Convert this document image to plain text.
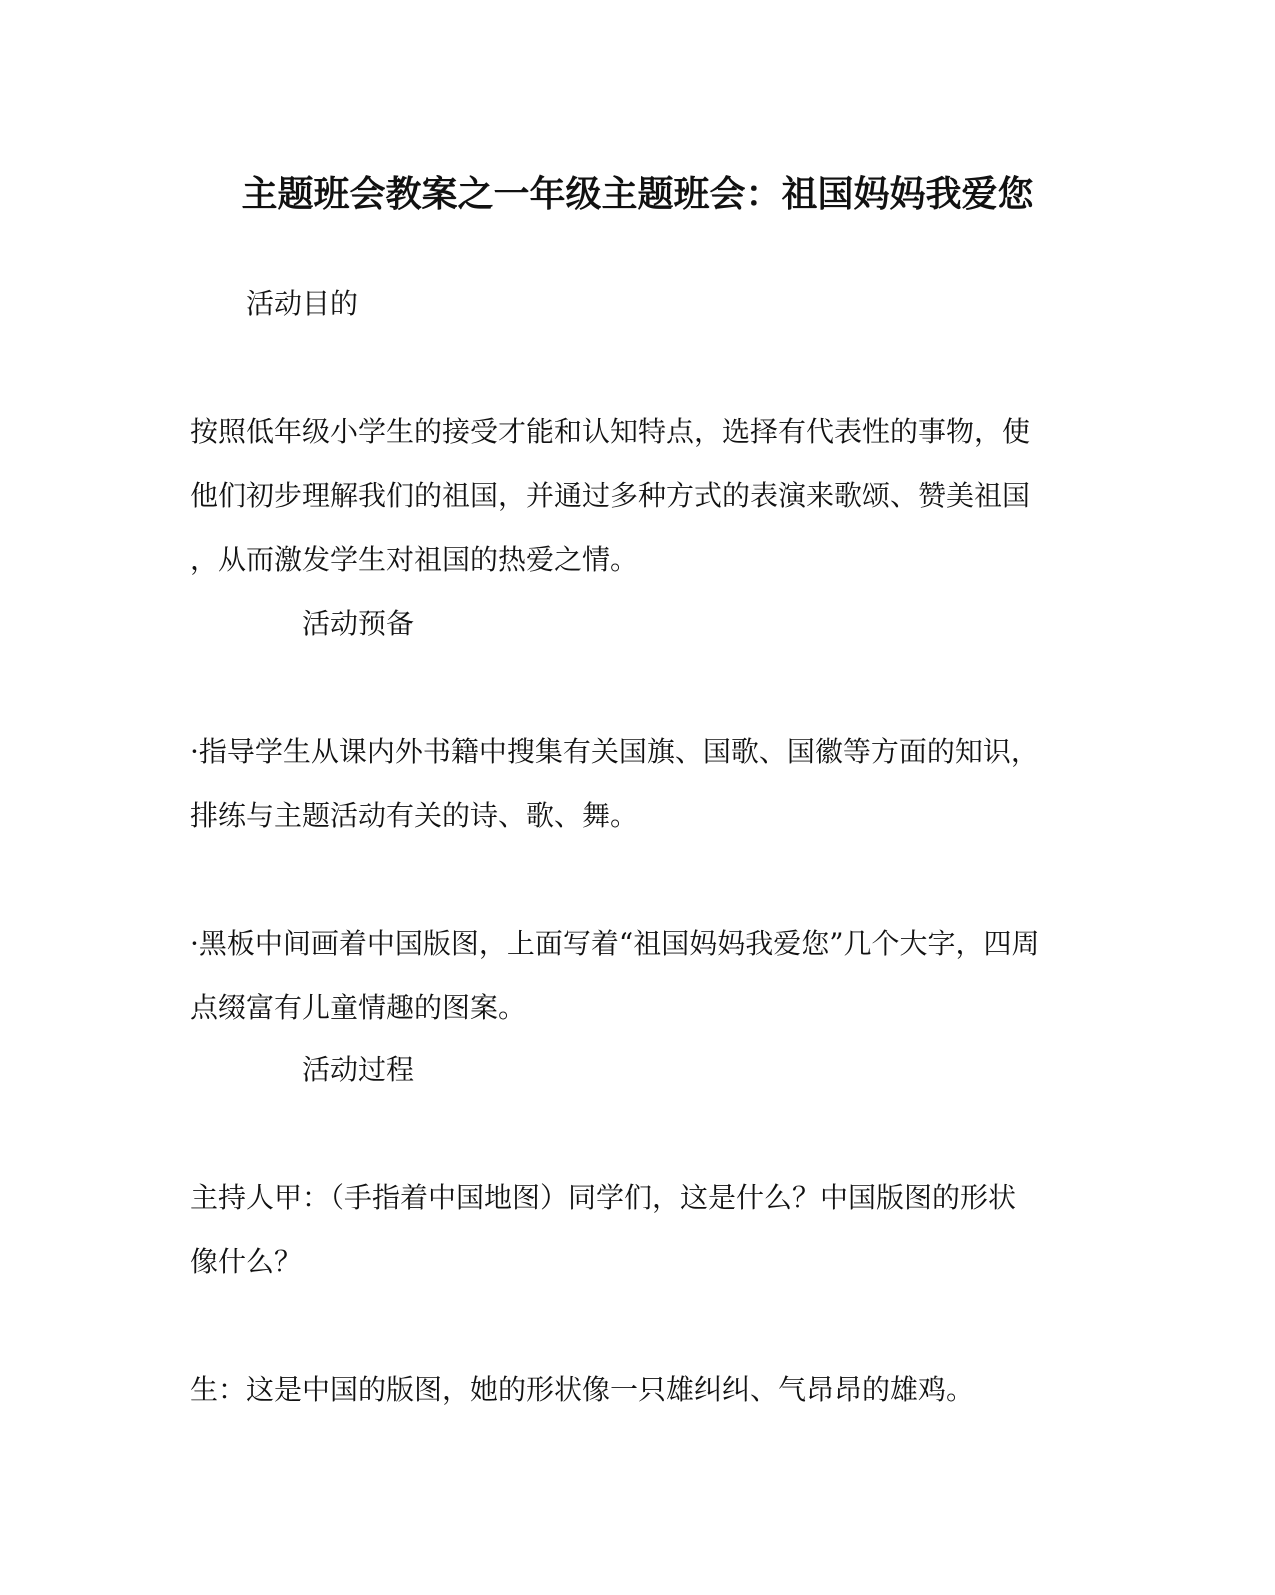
主题班会教案之一年级主题班会：祖国妈妈我爱您
活动目的
按照低年级小学生的接受才能和认知特点，选择有代表性的事物，使
他们初步理解我们的祖国，并通过多种方式的表演来歌颂、赞美祖国
，从而激发学生对祖国的热爱之情。
活动预备
·指导学生从课内外书籍中搜集有关国旗、国歌、国徽等方面的知识，
排练与主题活动有关的诗、歌、舞。
·黑板中间画着中国版图，上面写着“祖国妈妈我爱您”几个大字，四周
点缀富有儿童情趣的图案。
活动过程
主持人甲：（手指着中国地图）同学们，这是什么？中国版图的形状
像什么？
生：这是中国的版图，她的形状像一只雄纠纠、气昂昂的雄鸡。
